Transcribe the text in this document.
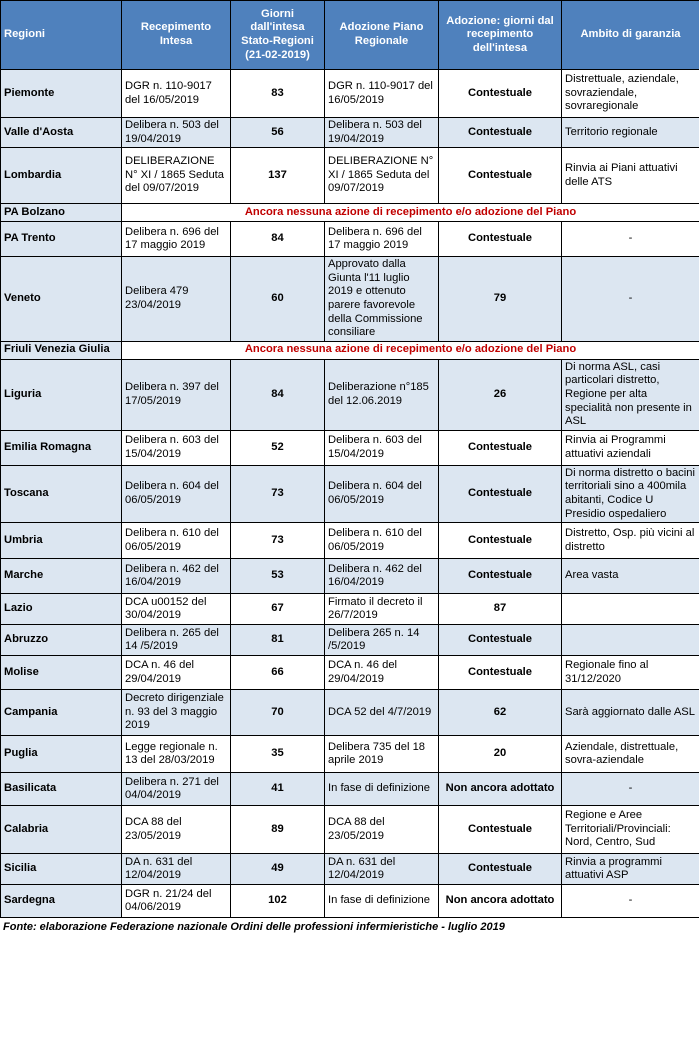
Regioni	Recepimento Intesa	Giorni dall'intesa Stato-Regioni (21-02-2019)	Adozione Piano Regionale	Adozione: giorni dal recepimento dell'intesa	Ambito di garanzia
Piemonte	DGR n. 110-9017 del 16/05/2019	83	DGR n. 110-9017 del 16/05/2019	Contestuale	Distrettuale, aziendale, sovraziendale, sovraregionale
Valle d'Aosta	Delibera n. 503 del 19/04/2019	56	Delibera n. 503 del 19/04/2019	Contestuale	Territorio regionale
Lombardia	DELIBERAZIONE N° XI / 1865 Seduta del 09/07/2019	137	DELIBERAZIONE N° XI / 1865 Seduta del 09/07/2019	Contestuale	Rinvia ai Piani attuativi delle ATS
PA Bolzano	Ancora nessuna azione di recepimento e/o adozione del Piano				
PA Trento	Delibera n. 696 del 17 maggio 2019	84	Delibera n. 696 del 17 maggio 2019	Contestuale	-
Veneto	Delibera 479 23/04/2019	60	Approvato dalla Giunta l'11 luglio 2019 e ottenuto parere favorevole della Commissione consiliare	79	-
Friuli Venezia Giulia	Ancora nessuna azione di recepimento e/o adozione del Piano				
Liguria	Delibera n. 397 del 17/05/2019	84	Deliberazione n°185 del 12.06.2019	26	Di norma ASL, casi particolari distretto, Regione per alta specialità non presente in ASL
Emilia Romagna	Delibera n. 603 del 15/04/2019	52	Delibera n. 603 del 15/04/2019	Contestuale	Rinvia ai Programmi attuativi aziendali
Toscana	Delibera n. 604 del 06/05/2019	73	Delibera n. 604 del 06/05/2019	Contestuale	Di norma distretto o bacini territoriali sino a 400mila abitanti, Codice U Presidio ospedaliero
Umbria	Delibera n. 610 del 06/05/2019	73	Delibera n. 610 del 06/05/2019	Contestuale	Distretto, Osp. più vicini al distretto
Marche	Delibera n. 462 del 16/04/2019	53	Delibera n. 462 del 16/04/2019	Contestuale	Area vasta
Lazio	DCA u00152 del 30/04/2019	67	Firmato il decreto il 26/7/2019	87	
Abruzzo	Delibera n. 265 del 14 /5/2019	81	Delibera 265 n. 14 /5/2019	Contestuale	
Molise	DCA n. 46 del 29/04/2019	66	DCA n. 46 del 29/04/2019	Contestuale	Regionale fino al 31/12/2020
Campania	Decreto dirigenziale n. 93 del 3 maggio 2019	70	DCA 52 del 4/7/2019	62	Sarà aggiornato dalle ASL
Puglia	Legge regionale n. 13 del 28/03/2019	35	Delibera 735 del 18 aprile 2019	20	Aziendale, distrettuale, sovra-aziendale
Basilicata	Delibera n. 271 del 04/04/2019	41	In fase di definizione	Non ancora adottato	-
Calabria	DCA 88 del 23/05/2019	89	DCA 88 del 23/05/2019	Contestuale	Regione e Aree Territoriali/Provinciali: Nord, Centro, Sud
Sicilia	DA n. 631 del 12/04/2019	49	DA n. 631 del 12/04/2019	Contestuale	Rinvia a programmi attuativi ASP
Sardegna	DGR n. 21/24 del 04/06/2019	102	In fase di definizione	Non ancora adottato	-
Fonte: elaborazione Federazione nazionale Ordini delle professioni infermieristiche - luglio 2019
